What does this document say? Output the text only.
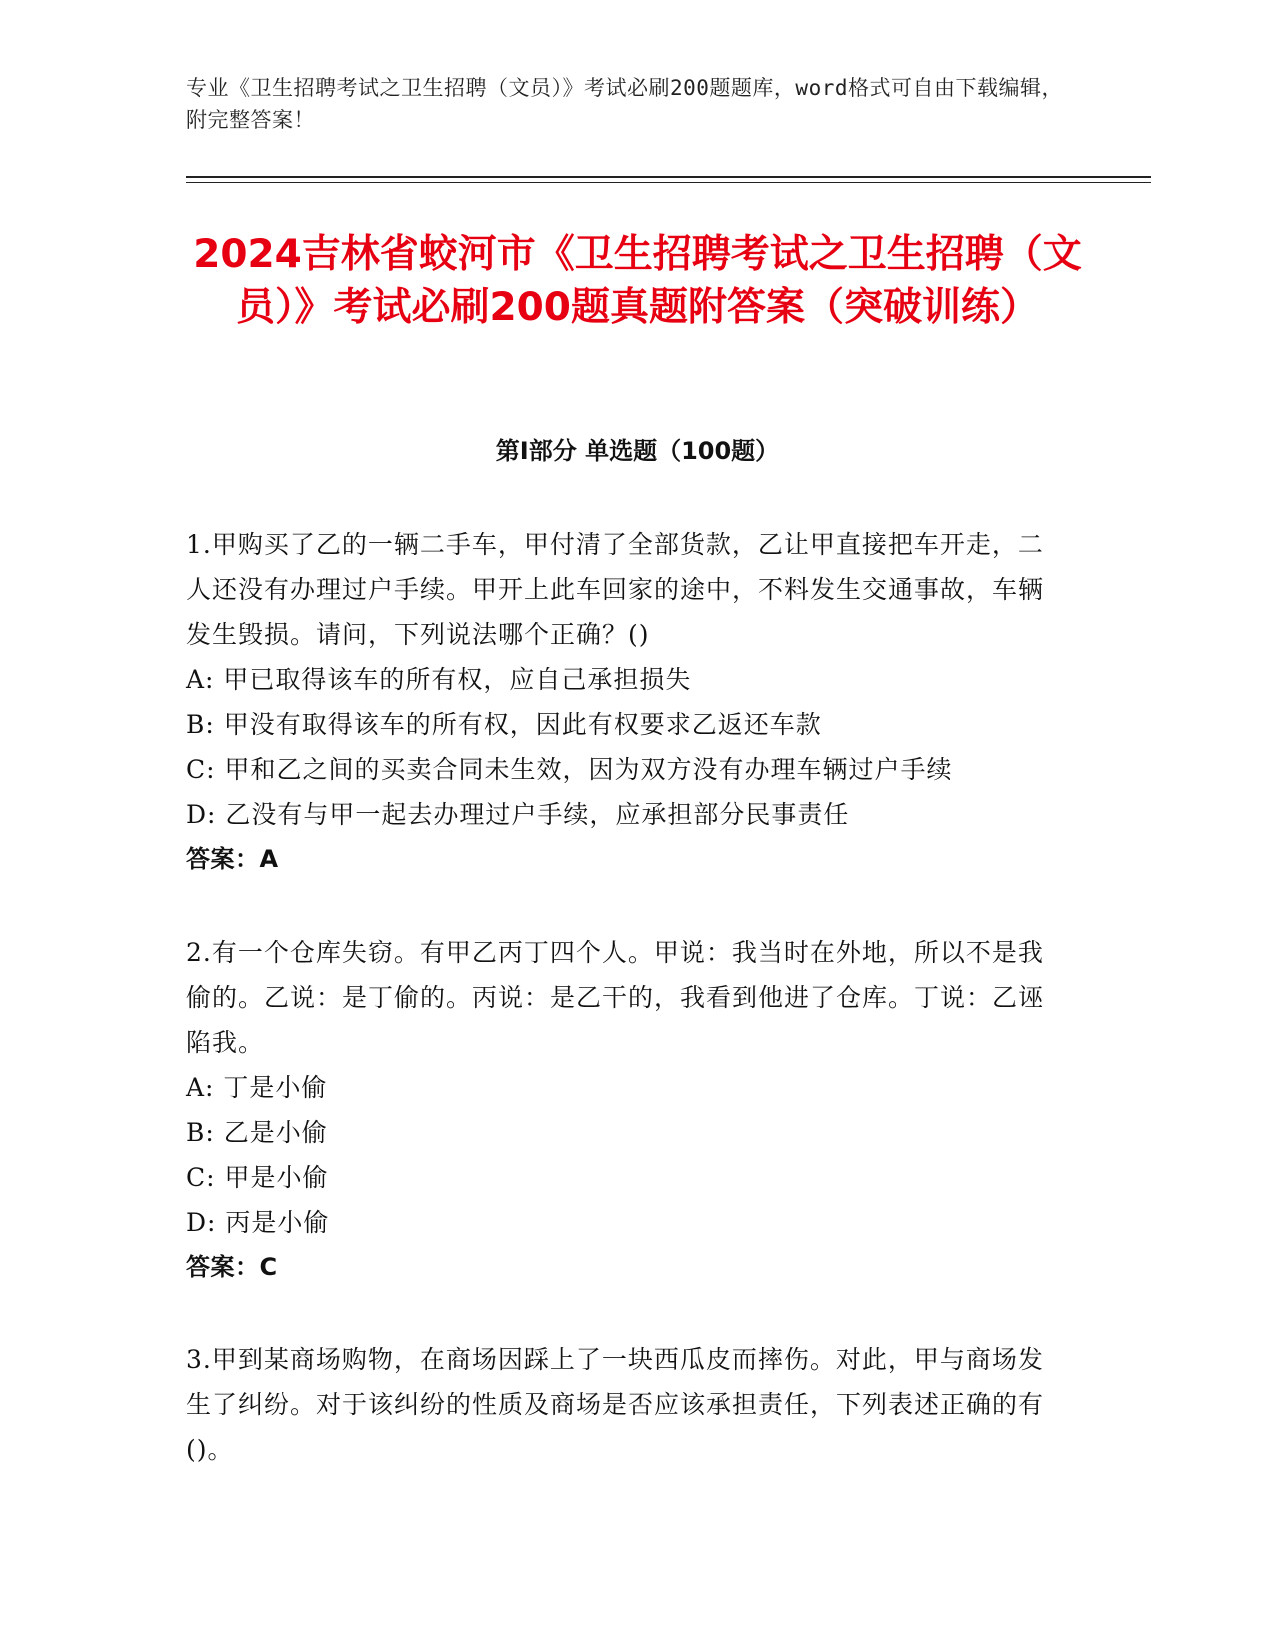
专业《卫生招聘考试之卫生招聘（文员）》考试必刷200题题库，word格式可自由下载编辑，附完整答案！
2024吉林省蛟河市《卫生招聘考试之卫生招聘（文员）》考试必刷200题真题附答案（突破训练）
第Ⅰ部分 单选题（100题）

1.甲购买了乙的一辆二手车，甲付清了全部货款，乙让甲直接把车开走，二人还没有办理过户手续。甲开上此车回家的途中，不料发生交通事故，车辆发生毁损。请问，下列说法哪个正确？()

A: 甲已取得该车的所有权，应自己承担损失

B: 甲没有取得该车的所有权，因此有权要求乙返还车款

C: 甲和乙之间的买卖合同未生效，因为双方没有办理车辆过户手续

D: 乙没有与甲一起去办理过户手续，应承担部分民事责任

答案：A

2.有一个仓库失窃。有甲乙丙丁四个人。甲说：我当时在外地，所以不是我偷的。乙说：是丁偷的。丙说：是乙干的，我看到他进了仓库。丁说：乙诬陷我。

A: 丁是小偷

B: 乙是小偷

C: 甲是小偷

D: 丙是小偷

答案：C

3.甲到某商场购物，在商场因踩上了一块西瓜皮而摔伤。对此，甲与商场发生了纠纷。对于该纠纷的性质及商场是否应该承担责任，下列表述正确的有()。
